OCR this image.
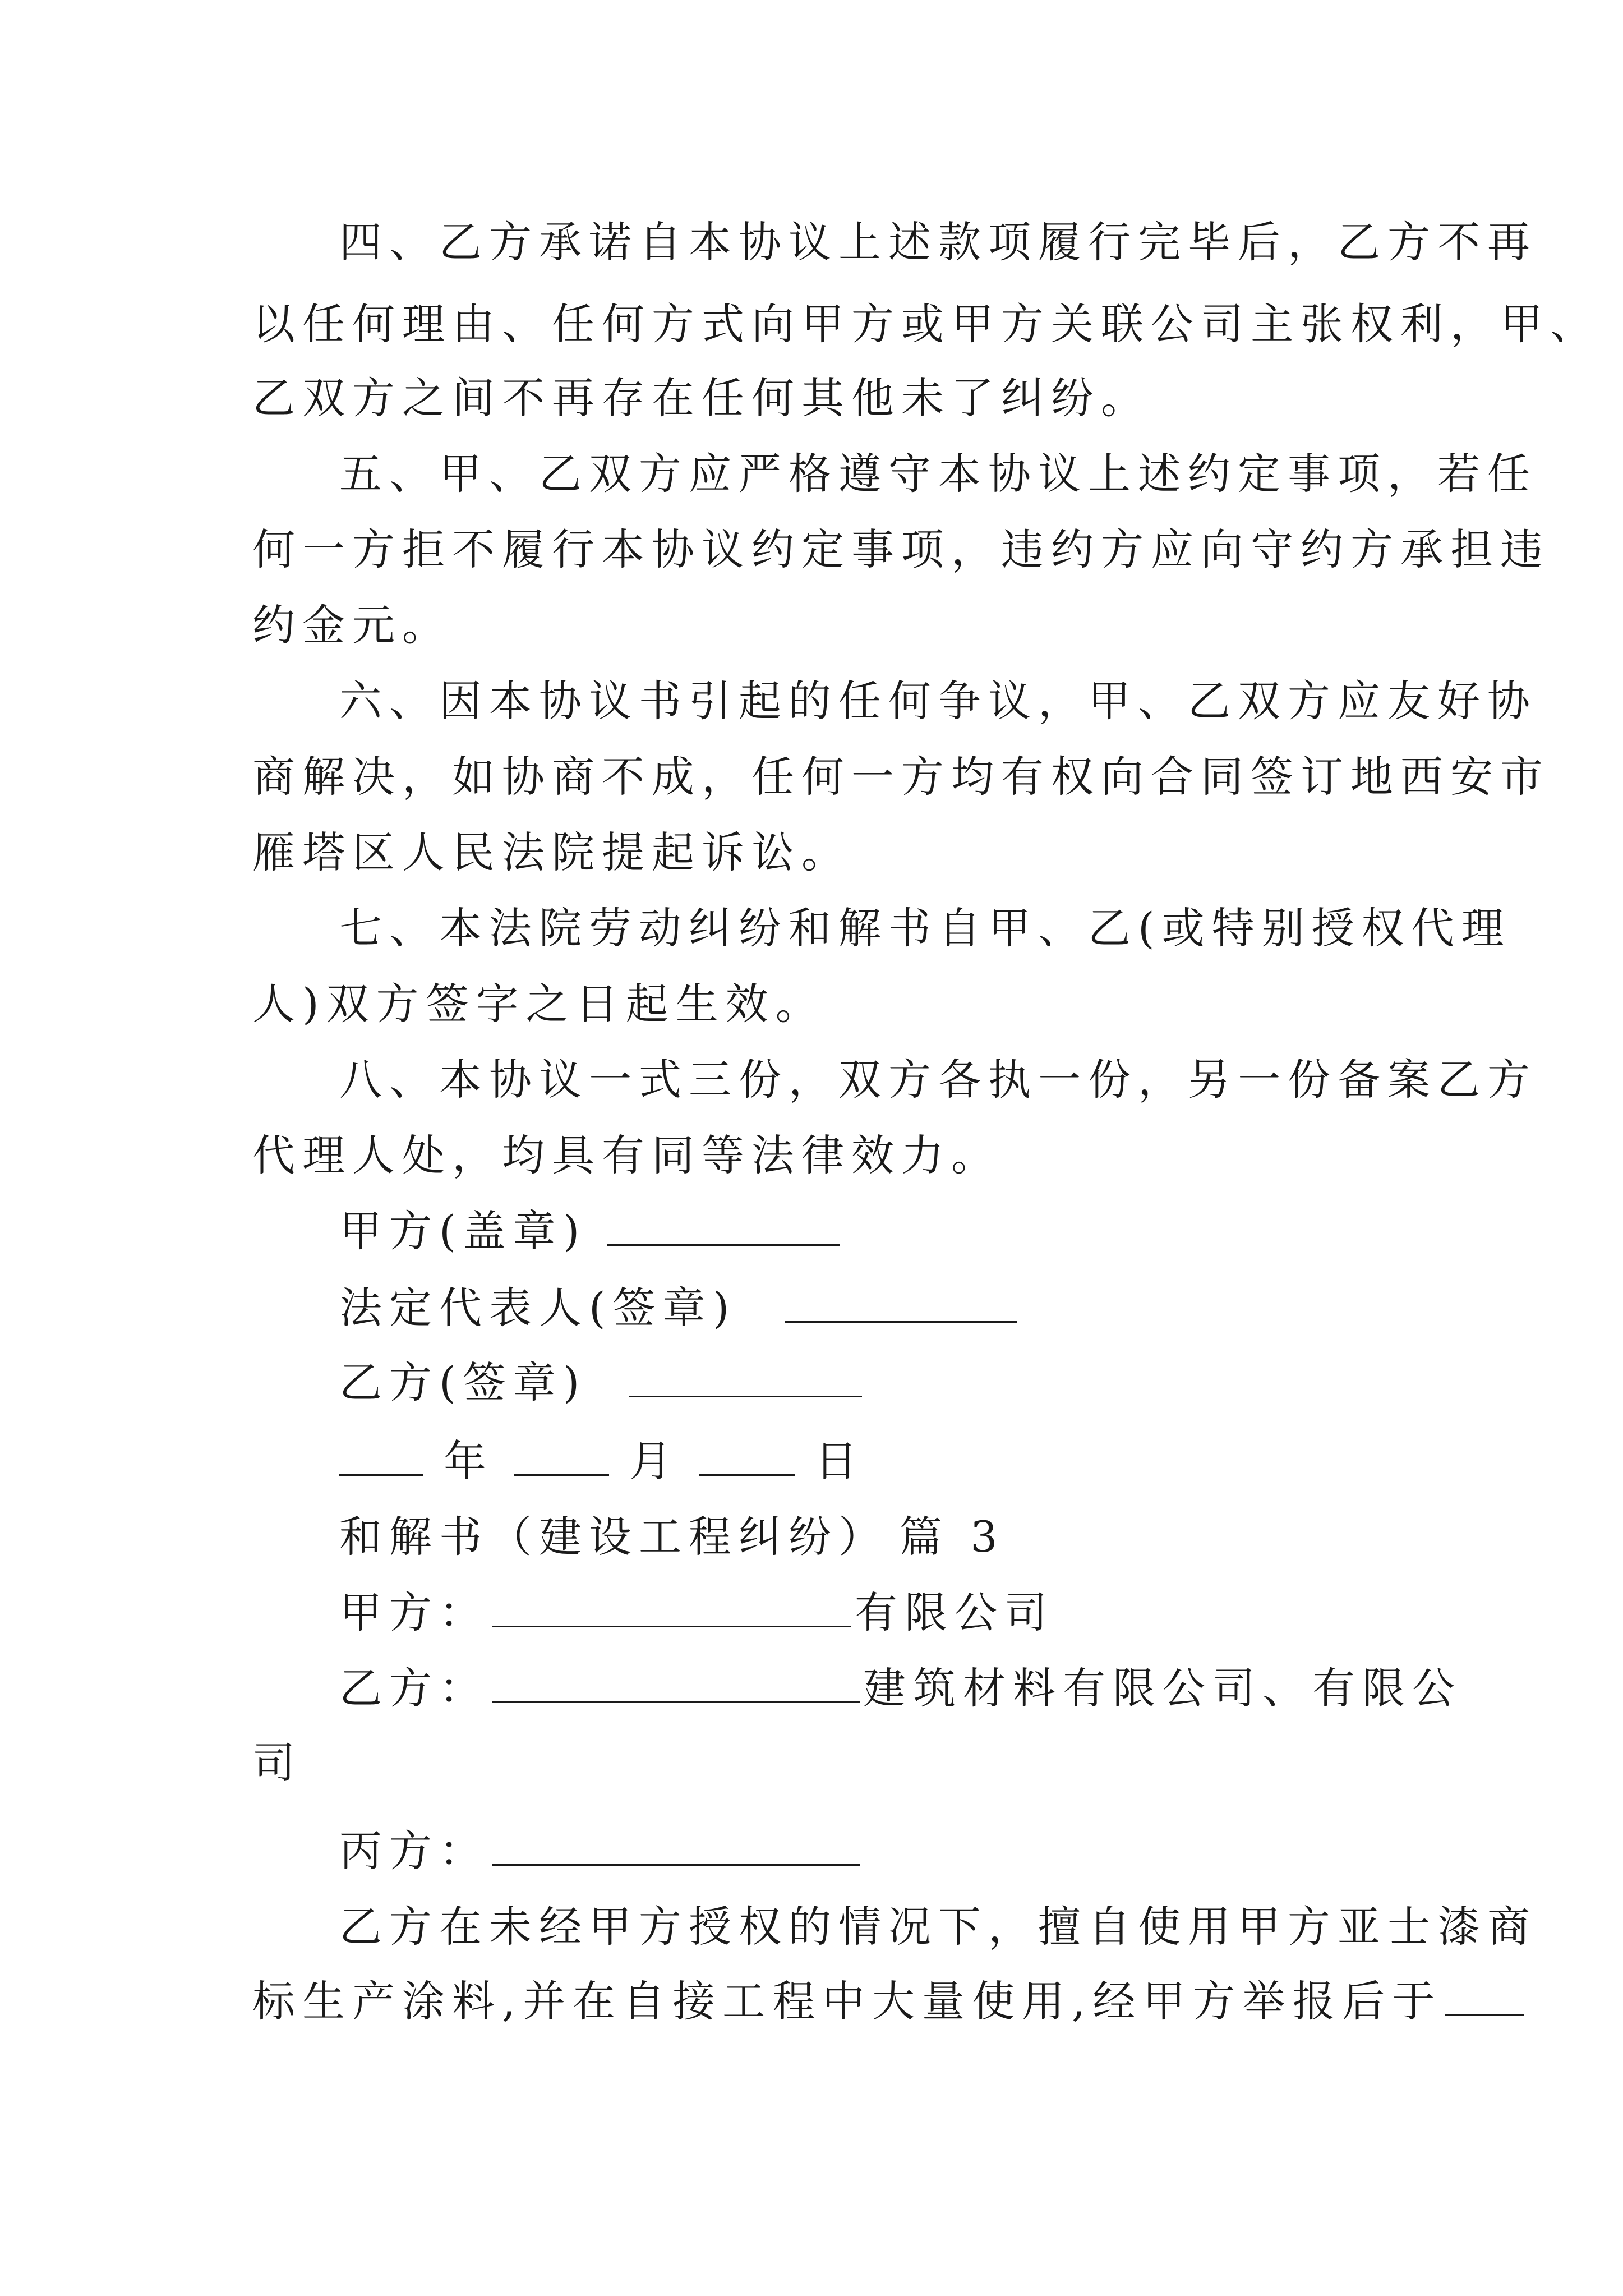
四、乙方承诺自本协议上述款项履行完毕后，乙方不再
以任何理由、任何方式向甲方或甲方关联公司主张权利，甲、
乙双方之间不再存在任何其他未了纠纷。
五、甲、乙双方应严格遵守本协议上述约定事项，若任
何一方拒不履行本协议约定事项，违约方应向守约方承担违
约金元。
六、因本协议书引起的任何争议，甲、乙双方应友好协
商解决，如协商不成，任何一方均有权向合同签订地西安市
雁塔区人民法院提起诉讼。
七、本法院劳动纠纷和解书自甲、乙(或特别授权代理
人)双方签字之日起生效。
八、本协议一式三份，双方各执一份，另一份备案乙方
代理人处，均具有同等法律效力。
甲方(盖章)
法定代表人(签章)
乙方(签章)
年	月	日
和解书（建设工程纠纷） 篇 3
甲方：	有限公司
乙方：	建筑材料有限公司、有限公
司
丙方：
乙方在未经甲方授权的情况下，擅自使用甲方亚士漆商
标生产涂料,并在自接工程中大量使用,经甲方举报后于
